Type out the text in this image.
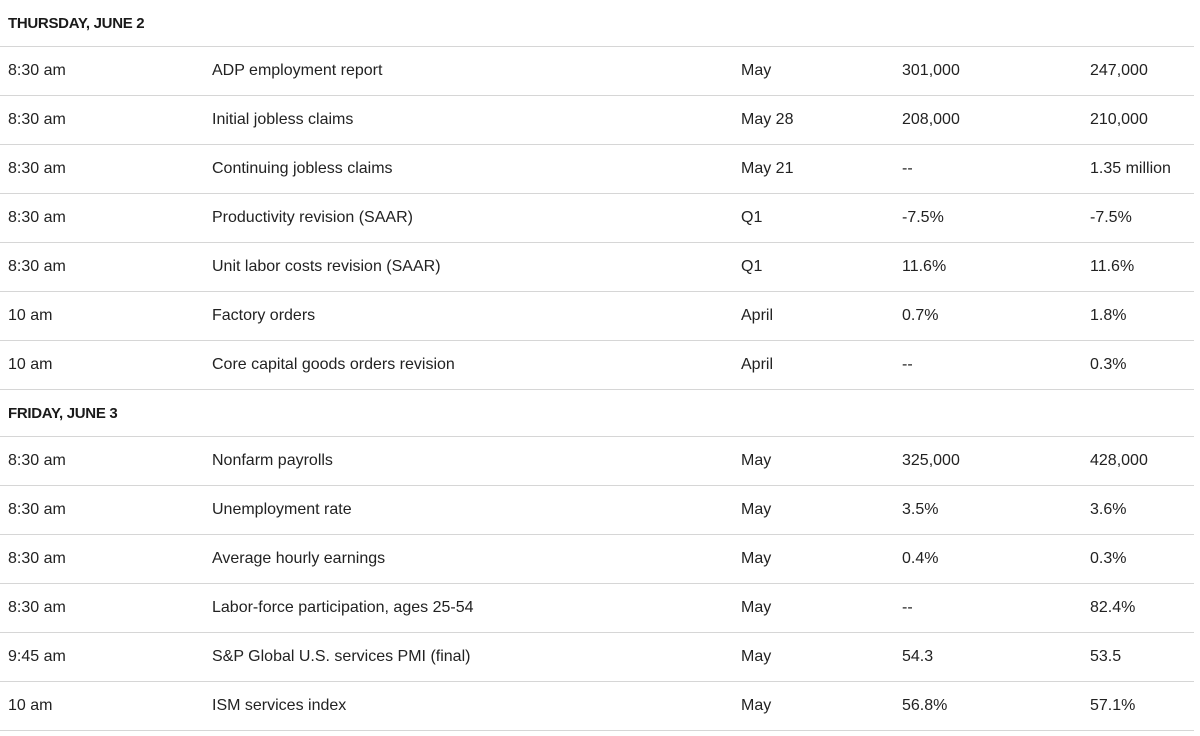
THURSDAY, JUNE 2
8:30 am	ADP employment report	May	301,000	247,000
8:30 am	Initial jobless claims	May 28	208,000	210,000
8:30 am	Continuing jobless claims	May 21	--	1.35 million
8:30 am	Productivity revision (SAAR)	Q1	-7.5%	-7.5%
8:30 am	Unit labor costs revision (SAAR)	Q1	11.6%	11.6%
10 am	Factory orders	April	0.7%	1.8%
10 am	Core capital goods orders revision	April	--	0.3%
FRIDAY, JUNE 3
8:30 am	Nonfarm payrolls	May	325,000	428,000
8:30 am	Unemployment rate	May	3.5%	3.6%
8:30 am	Average hourly earnings	May	0.4%	0.3%
8:30 am	Labor-force participation, ages 25-54	May	--	82.4%
9:45 am	S&P Global U.S. services PMI (final)	May	54.3	53.5
10 am	ISM services index	May	56.8%	57.1%
